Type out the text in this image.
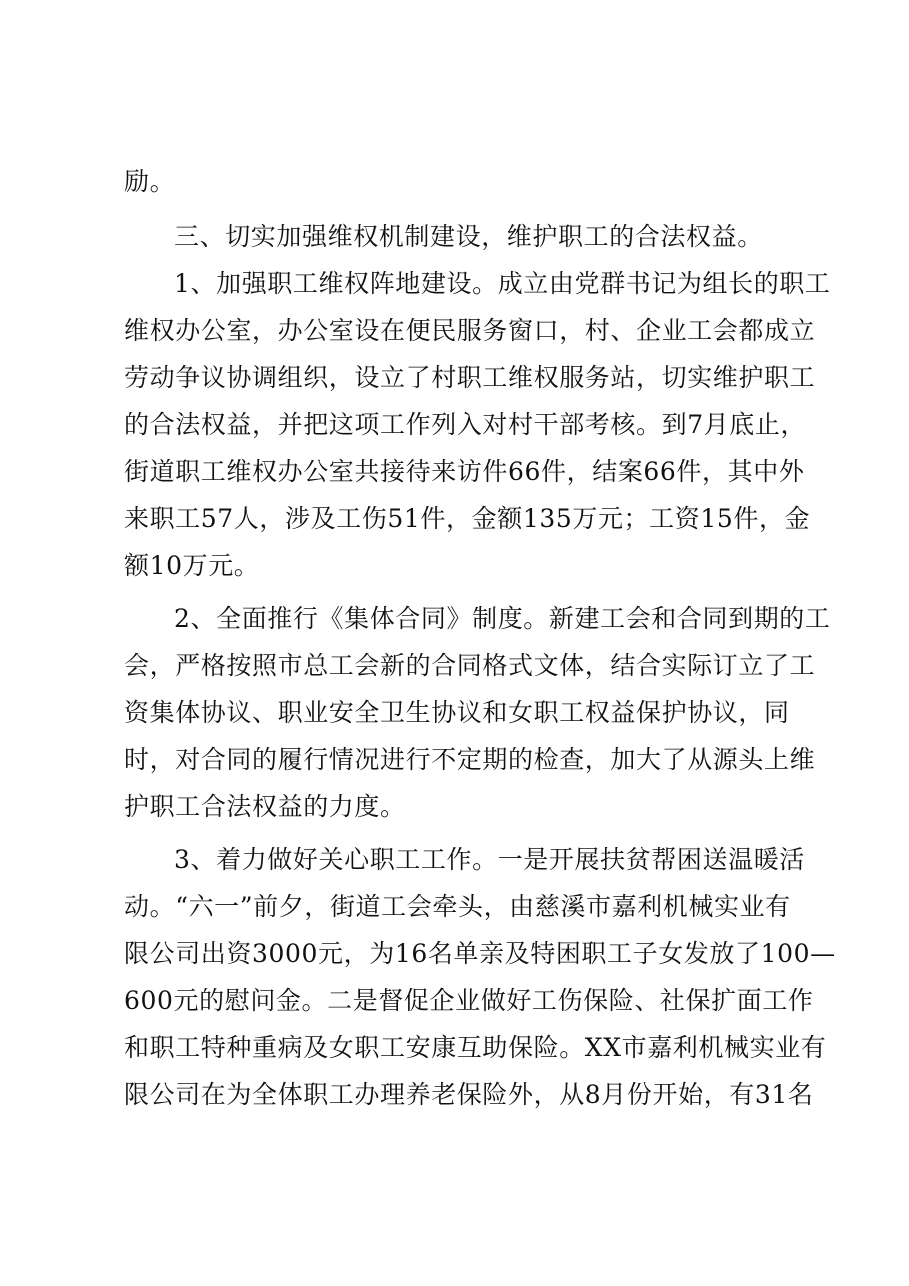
励。
三、切实加强维权机制建设，维护职工的合法权益。
1、加强职工维权阵地建设。成立由党群书记为组长的职工
维权办公室，办公室设在便民服务窗口，村、企业工会都成立
劳动争议协调组织，设立了村职工维权服务站，切实维护职工
的合法权益，并把这项工作列入对村干部考核。到7月底止，
街道职工维权办公室共接待来访件66件，结案66件，其中外
来职工57人，涉及工伤51件，金额135万元；工资15件，金
额10万元。
2、全面推行《集体合同》制度。新建工会和合同到期的工
会，严格按照市总工会新的合同格式文体，结合实际订立了工
资集体协议、职业安全卫生协议和女职工权益保护协议，同
时，对合同的履行情况进行不定期的检查，加大了从源头上维
护职工合法权益的力度。
3、着力做好关心职工工作。一是开展扶贫帮困送温暖活
动。“六一”前夕，街道工会牵头，由慈溪市嘉利机械实业有
限公司出资3000元，为16名单亲及特困职工子女发放了100—
600元的慰问金。二是督促企业做好工伤保险、社保扩面工作
和职工特种重病及女职工安康互助保险。XX市嘉利机械实业有
限公司在为全体职工办理养老保险外，从8月份开始，有31名
